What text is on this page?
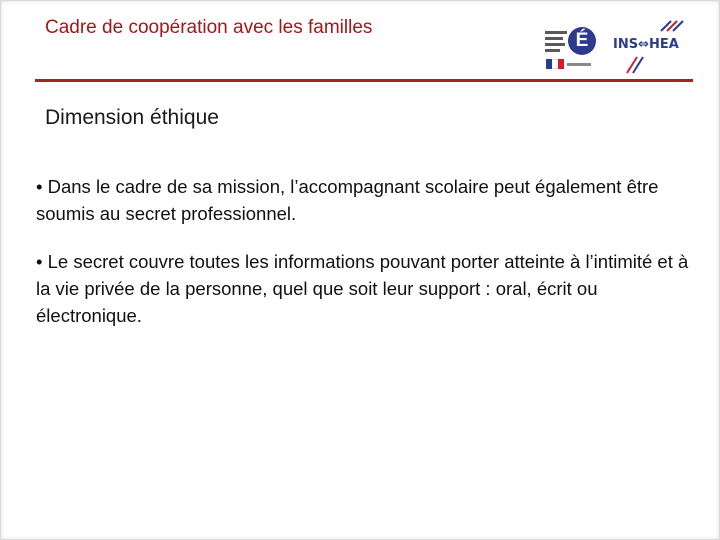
Cadre de coopération avec les familles
É	INS⇔HEA
Dimension éthique

• Dans le cadre de sa mission, l’accompagnant scolaire peut également être soumis au secret professionnel.

• Le secret couvre toutes les informations pouvant porter atteinte à l’intimité et à la vie privée de la personne, quel que soit leur support : oral, écrit ou électronique.
